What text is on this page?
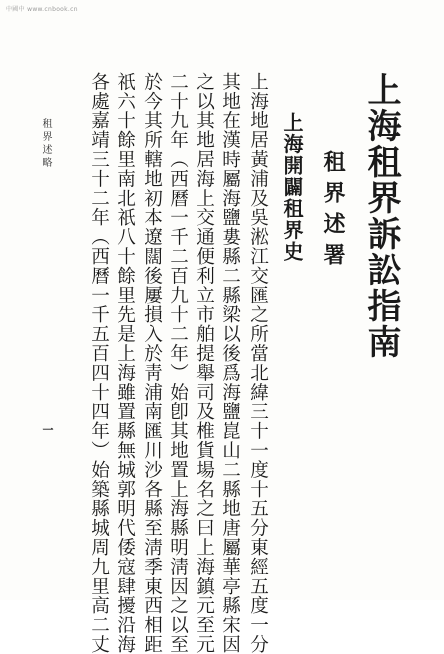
中國中 www.cnbook.cn
上海租界訴訟指南
租界述署
上海開闢租界史
上海地居黃浦及吳淞江交匯之所當北緯三十一度十五分東經五度一分
其地在漢時屬海鹽婁縣二縣梁以後爲海鹽崑山二縣地唐屬華亭縣宋因
之以其地居海上交通便利立市舶提舉司及椎貨場名之曰上海鎮元至元
二十九年（西曆一千二百九十二年）始卽其地置上海縣明淸因之以至
於今其所轄地初本遼闊後屢損入於靑浦南匯川沙各縣至淸季東西相距
祇六十餘里南北祇八十餘里先是上海雖置縣無城郭明代倭寇肆擾沿海
各處嘉靖三十二年（西曆一千五百四十四年）始築縣城周九里高二丈
租界述略
一
